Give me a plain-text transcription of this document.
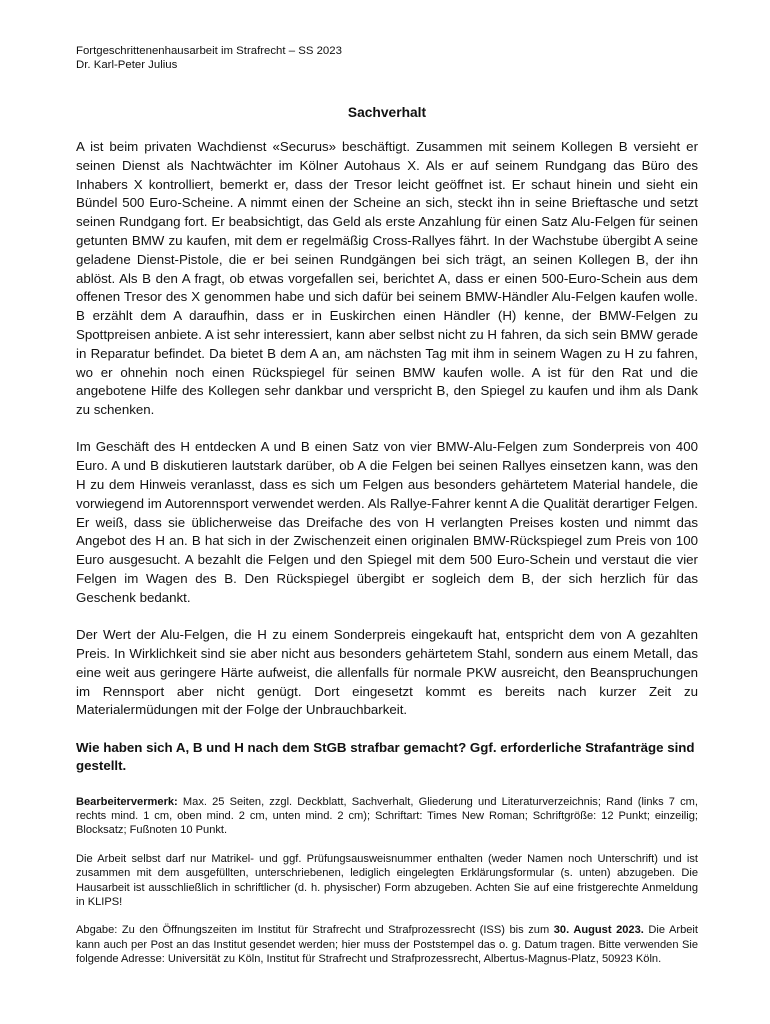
Fortgeschrittenenhausarbeit im Strafrecht – SS 2023

Dr. Karl-Peter Julius

Sachverhalt

A ist beim privaten Wachdienst «Securus» beschäftigt. Zusammen mit seinem Kollegen B versieht er seinen Dienst als Nachtwächter im Kölner Autohaus X. Als er auf seinem Rundgang das Büro des Inhabers X kontrolliert, bemerkt er, dass der Tresor leicht geöffnet ist. Er schaut hinein und sieht ein Bündel 500 Euro-Scheine. A nimmt einen der Scheine an sich, steckt ihn in seine Brieftasche und setzt seinen Rundgang fort. Er beabsichtigt, das Geld als erste Anzahlung für einen Satz Alu-Felgen für seinen getunten BMW zu kaufen, mit dem er regelmäßig Cross-Rallyes fährt. In der Wachstube übergibt A seine geladene Dienst-Pistole, die er bei seinen Rundgängen bei sich trägt, an seinen Kollegen B, der ihn ablöst. Als B den A fragt, ob etwas vorgefallen sei, berichtet A, dass er einen 500-Euro-Schein aus dem offenen Tresor des X genommen habe und sich dafür bei seinem BMW-Händler Alu-Felgen kaufen wolle. B erzählt dem A daraufhin, dass er in Euskirchen einen Händler (H) kenne, der BMW-Felgen zu Spottpreisen anbiete. A ist sehr interessiert, kann aber selbst nicht zu H fahren, da sich sein BMW gerade in Reparatur befindet. Da bietet B dem A an, am nächsten Tag mit ihm in seinem Wagen zu H zu fahren, wo er ohnehin noch einen Rückspiegel für seinen BMW kaufen wolle. A ist für den Rat und die angebotene Hilfe des Kollegen sehr dankbar und verspricht B, den Spiegel zu kaufen und ihm als Dank zu schenken.

Im Geschäft des H entdecken A und B einen Satz von vier BMW-Alu-Felgen zum Sonderpreis von 400 Euro. A und B diskutieren lautstark darüber, ob A die Felgen bei seinen Rallyes einsetzen kann, was den H zu dem Hinweis veranlasst, dass es sich um Felgen aus besonders gehärtetem Material handele, die vorwiegend im Autorennsport verwendet werden. Als Rallye-Fahrer kennt A die Qualität derartiger Felgen. Er weiß, dass sie üblicherweise das Dreifache des von H verlangten Preises kosten und nimmt das Angebot des H an. B hat sich in der Zwischenzeit einen originalen BMW-Rückspiegel zum Preis von 100 Euro ausgesucht. A bezahlt die Felgen und den Spiegel mit dem 500 Euro-Schein und verstaut die vier Felgen im Wagen des B. Den Rückspiegel übergibt er sogleich dem B, der sich herzlich für das Geschenk bedankt.

Der Wert der Alu-Felgen, die H zu einem Sonderpreis eingekauft hat, entspricht dem von A gezahlten Preis. In Wirklichkeit sind sie aber nicht aus besonders gehärtetem Stahl, sondern aus einem Metall, das eine weit aus geringere Härte aufweist, die allenfalls für normale PKW ausreicht, den Beanspruchungen im Rennsport aber nicht genügt. Dort eingesetzt kommt es bereits nach kurzer Zeit zu Materialermüdungen mit der Folge der Unbrauchbarkeit.

Wie haben sich A, B und H nach dem StGB strafbar gemacht? Ggf. erforderliche Strafanträge sind gestellt.

Bearbeitervermerk: Max. 25 Seiten, zzgl. Deckblatt, Sachverhalt, Gliederung und Literaturverzeichnis; Rand (links 7 cm, rechts mind. 1 cm, oben mind. 2 cm, unten mind. 2 cm); Schriftart: Times New Roman; Schriftgröße: 12 Punkt; einzeilig; Blocksatz; Fußnoten 10 Punkt.

Die Arbeit selbst darf nur Matrikel- und ggf. Prüfungsausweisnummer enthalten (weder Namen noch Unterschrift) und ist zusammen mit dem ausgefüllten, unterschriebenen, lediglich eingelegten Erklärungsformular (s. unten) abzugeben. Die Hausarbeit ist ausschließlich in schriftlicher (d. h. physischer) Form abzugeben. Achten Sie auf eine fristgerechte Anmeldung in KLIPS!

Abgabe: Zu den Öffnungszeiten im Institut für Strafrecht und Strafprozessrecht (ISS) bis zum 30. August 2023. Die Arbeit kann auch per Post an das Institut gesendet werden; hier muss der Poststempel das o. g. Datum tragen. Bitte verwenden Sie folgende Adresse: Universität zu Köln, Institut für Strafrecht und Strafprozessrecht, Albertus-Magnus-Platz, 50923 Köln.
